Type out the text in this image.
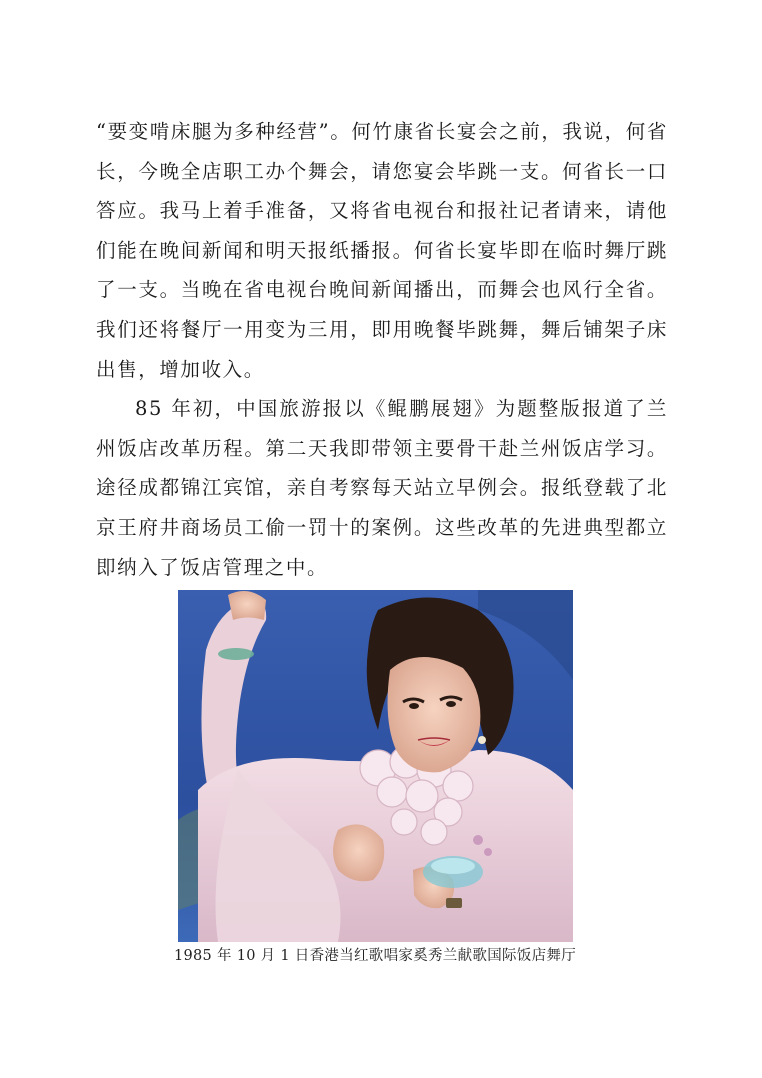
“要变啃床腿为多种经营”。何竹康省长宴会之前，我说，何省长，今晚全店职工办个舞会，请您宴会毕跳一支。何省长一口答应。我马上着手准备，又将省电视台和报社记者请来，请他们能在晚间新闻和明天报纸播报。何省长宴毕即在临时舞厅跳了一支。当晚在省电视台晚间新闻播出，而舞会也风行全省。我们还将餐厅一用变为三用，即用晚餐毕跳舞，舞后铺架子床出售，增加收入。

85 年初，中国旅游报以《鲲鹏展翅》为题整版报道了兰州饭店改革历程。第二天我即带领主要骨干赴兰州饭店学习。途径成都锦江宾馆，亲自考察每天站立早例会。报纸登载了北京王府井商场员工偷一罚十的案例。这些改革的先进典型都立即纳入了饭店管理之中。

1985 年 10 月 1 日香港当红歌唱家奚秀兰献歌国际饭店舞厅
